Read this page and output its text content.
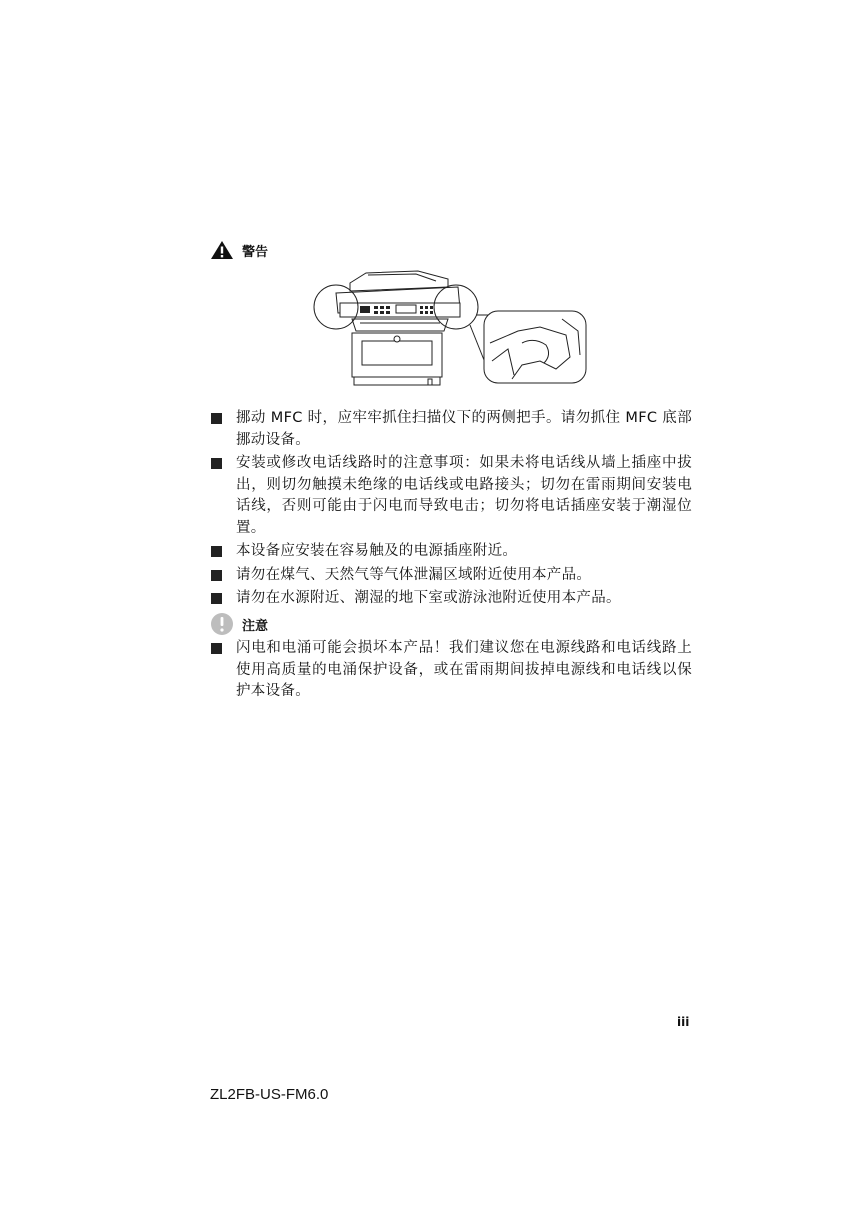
警告
挪动 MFC 时，应牢牢抓住扫描仪下的两侧把手。请勿抓住 MFC 底部挪动设备。
安装或修改电话线路时的注意事项：如果未将电话线从墙上插座中拔出，则切勿触摸未绝缘的电话线或电路接头；切勿在雷雨期间安装电话线，否则可能由于闪电而导致电击；切勿将电话插座安装于潮湿位置。
本设备应安装在容易触及的电源插座附近。
请勿在煤气、天然气等气体泄漏区域附近使用本产品。
请勿在水源附近、潮湿的地下室或游泳池附近使用本产品。
注意
闪电和电涌可能会损坏本产品！我们建议您在电源线路和电话线路上使用高质量的电涌保护设备，或在雷雨期间拔掉电源线和电话线以保护本设备。
iii
ZL2FB-US-FM6.0
